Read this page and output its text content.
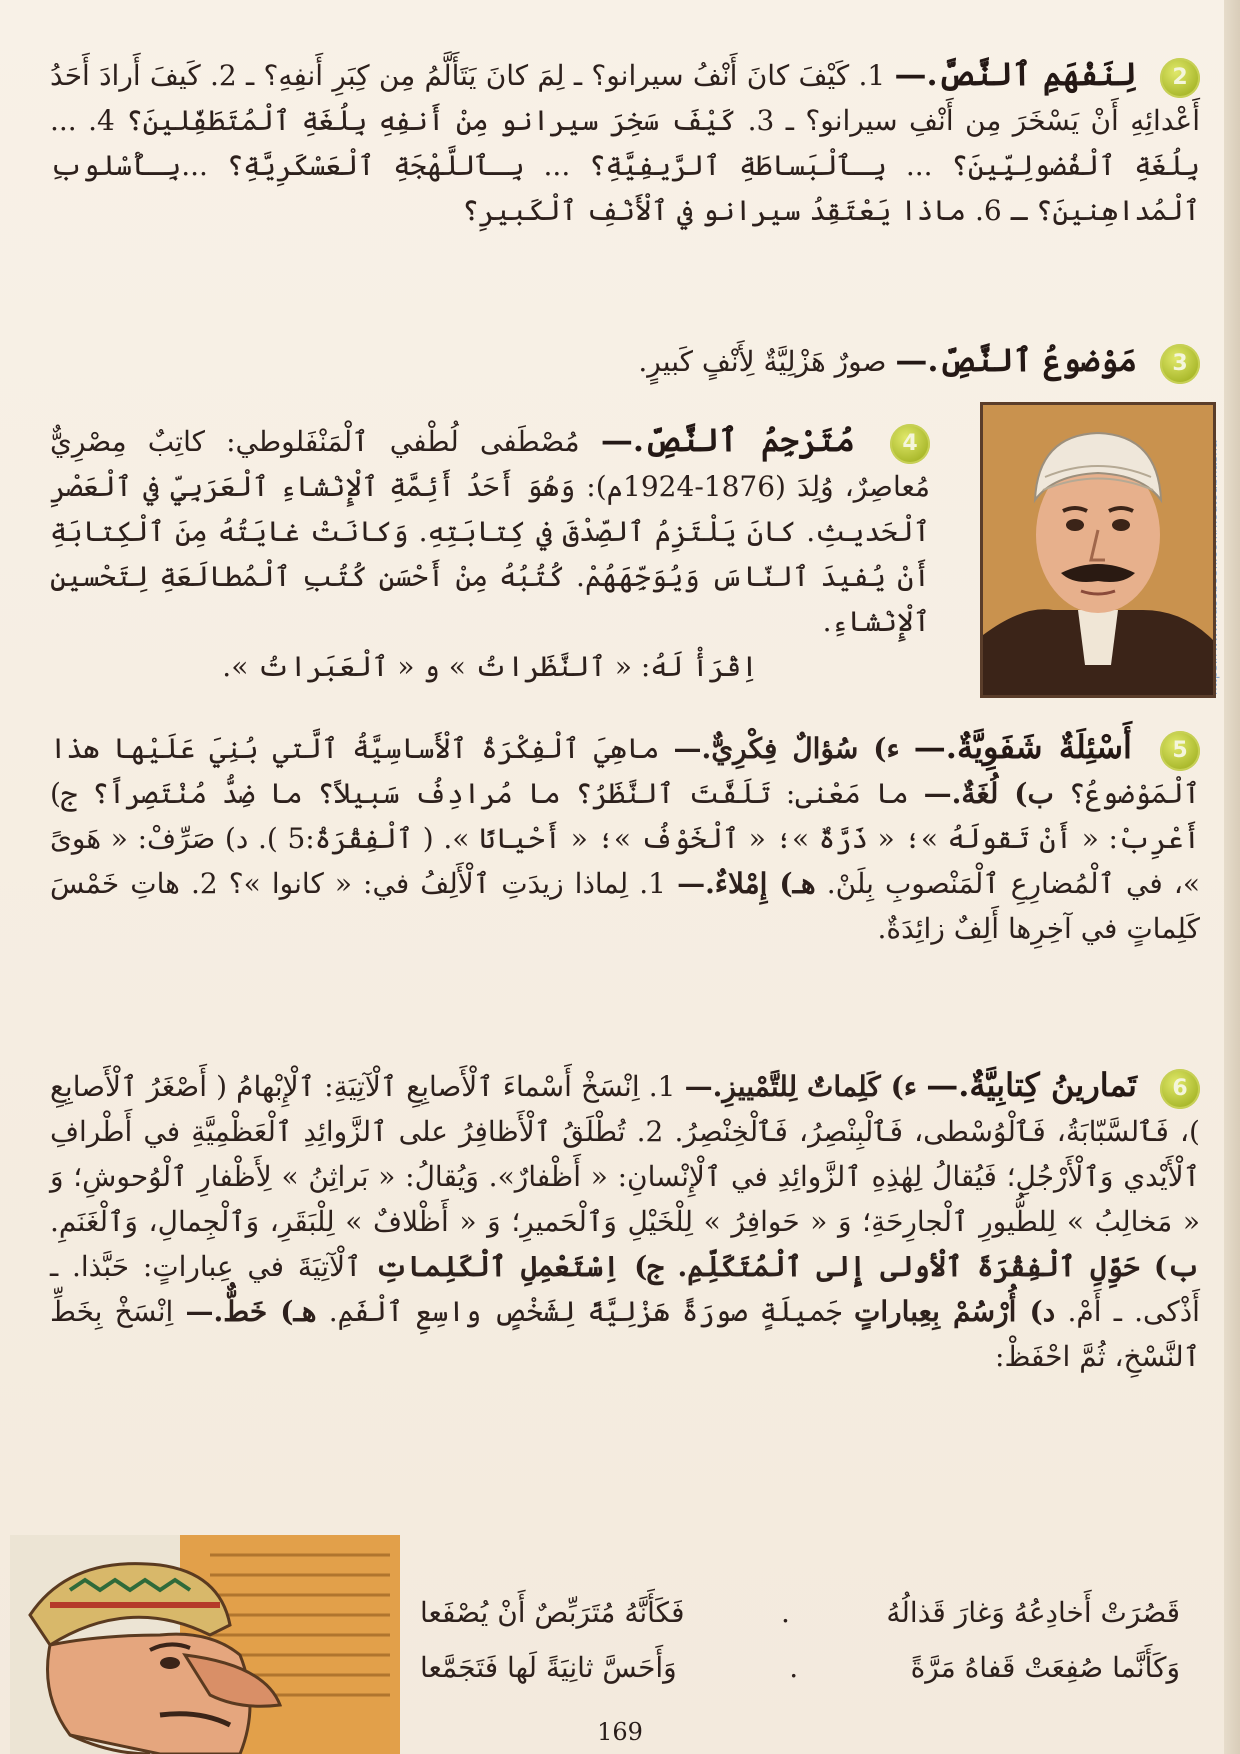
2 لِنَفْهَمِ ٱلنَّصَّ.— 1. كَيْفَ كانَ أَنْفُ سيرانو؟ ـ لِمَ كانَ يَتَأَلَّمُ مِن كِبَرِ أَنفِهِ؟ ـ 2. كَيفَ أَرادَ أَحَدُ أَعْدائِهِ أَنْ يَسْخَرَ مِن أَنْفِ سيرانو؟ ـ 3. كَيْفَ سَخِرَ سيرانو مِنْ أَنفِهِ بِلُغَةِ ٱلْمُتَطَفِّلينَ؟ 4. ... بِلُغَةِ ٱلْفُضولِيِّينَ؟ ... بِـٱلْبَساطَةِ ٱلرَّيفِيَّةِ؟ ... بِـٱللَّهْجَةِ ٱلْعَسْكَرِيَّةِ؟ ...بِـأُسْلوبِ ٱلْمُداهِنينَ؟ ـ 6. ماذا يَعْتَقِدُ سيرانو في ٱلْأَنْفِ ٱلْكَبيرِ؟

3 مَوْضوعُ ٱلنَّصِّ.— صورٌ هَزْلِيَّةٌ لِأَنْفٍ كَبيرٍ.

4 مُتَرْجِمُ ٱلنَّصِّ.— مُصْطَفى لُطْفي ٱلْمَنْفَلوطي: كاتِبٌ مِصْرِيٌّ مُعاصِرٌ، وُلِدَ (1876-1924م): وَهُوَ أَحَدُ أَئِمَّةِ ٱلْإِنْشاءِ ٱلْعَرَبِيِّ في ٱلْعَصْرِ ٱلْحَديثِ. كانَ يَلْتَزِمُ ٱلصِّدْقَ في كِتابَتِهِ. وَكانَتْ غايَتُهُ مِنَ ٱلْكِتابَةِ أَنْ يُفيدَ ٱلنّاسَ وَيُوَجِّهَهُمْ. كُتُبُهُ مِنْ أَحْسَنِ كُتُبِ ٱلْمُطالَعَةِ لِتَحْسينِ ٱلْإِنْشاءِ.

اِقْرَأْ لَهُ: « ٱلنَّظَراتُ » و « ٱلْعَبَراتُ ».

5 أَسْئِلَةٌ شَفَوِيَّةٌ.— ء) سُؤالٌ فِكْرِيٌّ.— ماهِيَ ٱلْفِكْرَةُ ٱلْأَساسِيَّةُ ٱلَّتي بُنِيَ عَلَيْها هذا ٱلْمَوْضوعُ؟ ب) لُغَةٌ.— ما مَعْنى: تَلَفَّتَ ٱلنَّظَرُ؟ ما مُرادِفُ سَبيلاً؟ ما ضِدُّ مُنْتَصِراً؟ ج) أَعْرِبْ: « أَنْ تَقولَهُ »؛ « ذَرَّةٌ »؛ « ٱلْخَوْفُ »؛ « أَحْيانًا ». ( ٱلْفِقْرَةُ:5 ). د) صَرِّفْ: « هَوىً »، في ٱلْمُضارِعِ ٱلْمَنْصوبِ بِلَنْ. هـ) إِمْلاءٌ.— 1. لِماذا زيدَتِ ٱلْأَلِفُ في: « كانوا »؟ 2. هاتِ خَمْسَ كَلِماتٍ في آخِرِها أَلِفٌ زائِدَةٌ.

6 تَمارينُ كِتابِيَّةٌ.— ء) كَلِماتٌ لِلتَّمْييزِ.— 1. اِنْسَخْ أَسْماءَ ٱلْأَصابِعِ ٱلْآتِيَةِ: ٱلْإِبْهامُ ( أَصْغَرُ ٱلْأَصابِعِ )، فَٱلسَّبّابَةُ، فَٱلْوُسْطى، فَٱلْبِنْصِرُ، فَٱلْخِنْصِرُ. 2. تُطْلَقُ ٱلْأَظافِرُ على ٱلزَّوائِدِ ٱلْعَظْمِيَّةِ في أَطْرافِ ٱلْأَيْدي وَٱلْأَرْجُلِ؛ فَيُقالُ لِهٰذِهِ ٱلزَّوائِدِ في ٱلْإِنْسانِ: « أَظْفارٌ». وَيُقالُ: « بَراثِنُ » لِأَظْفارِ ٱلْوُحوشِ؛ وَ « مَخالِبُ » لِلطُّيورِ ٱلْجارِحَةِ؛ وَ « حَوافِرُ » لِلْخَيْلِ وَٱلْحَميرِ؛ وَ « أَظْلافٌ » لِلْبَقَرِ، وَٱلْجِمالِ، وَٱلْغَنَمِ. ب) حَوِّلِ ٱلْفِقْرَةَ ٱلْأولى إِلى ٱلْمُتَكَلِّمِ. ج) اِسْتَعْمِلِ ٱلْكَلِماتِ ٱلْآتِيَةَ في عِباراتٍ: حَبَّذا. ـ أَذْكى. ـ أَمْ. د) أُرْسُمْ بِعِباراتٍ جَميلَةٍ صورَةً هَزْلِيَّةً لِشَخْصٍ واسِعِ ٱلْفَمِ. هـ) خَطٌّ.— اِنْسَخْ بِخَطِّ ٱلنَّسْخِ، ثُمَّ احْفَظْ:

قَصُرَتْ أَخادِعُهُ وَغارَ قَذالُهُ
.
فَكَأَنَّهُ مُتَرَبِّصٌ أَنْ يُصْفَعا
وَكَأَنَّما صُفِعَتْ قَفاهُ مَرَّةً
.
وَأَحَسَّ ثانِيَةً لَها فَتَجَمَّعا
169
